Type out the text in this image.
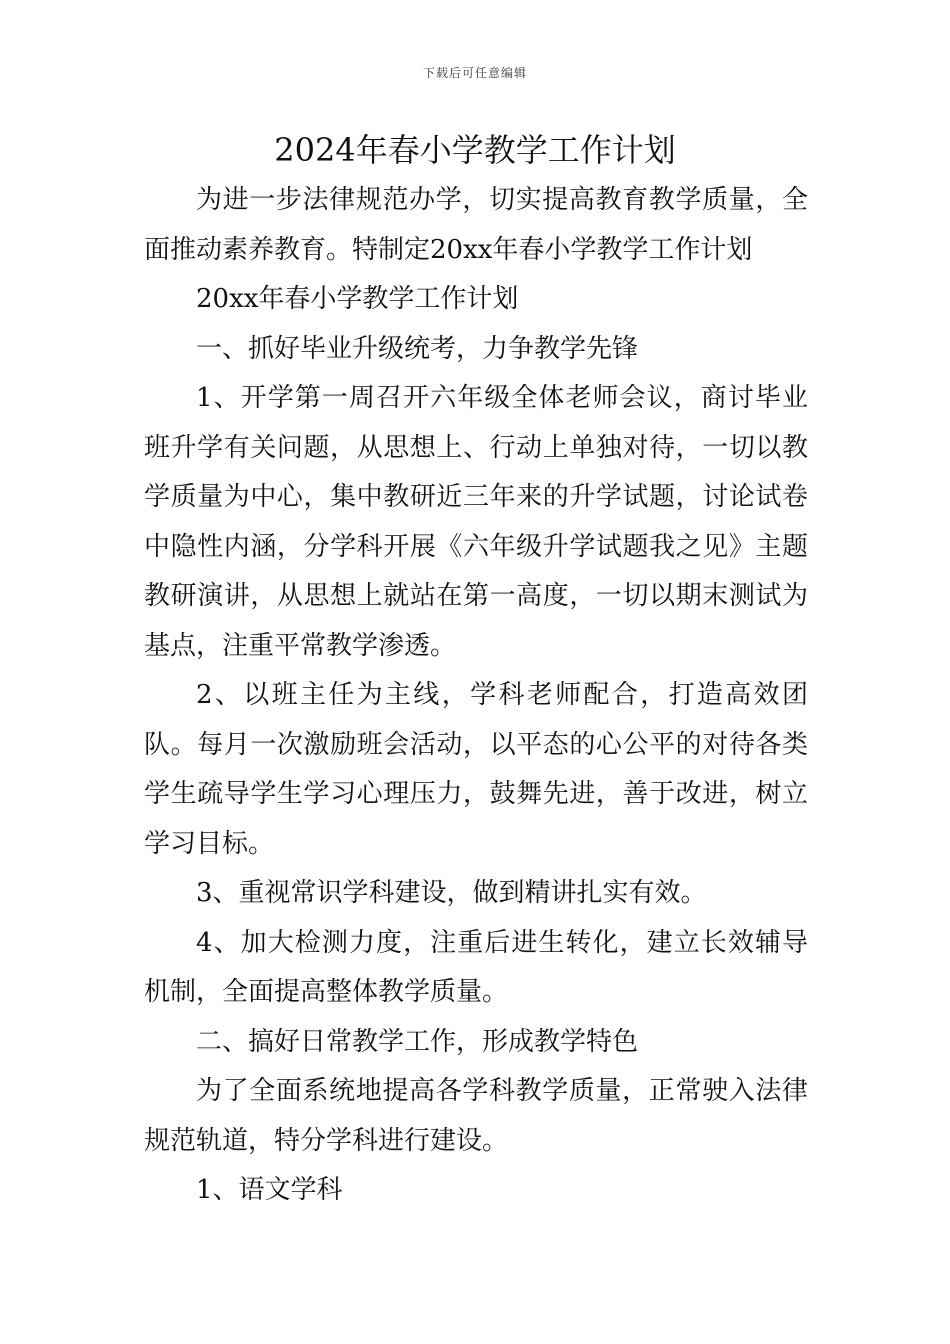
下载后可任意编辑
2024年春小学教学工作计划

为进一步法律规范办学，切实提高教育教学质量，全面推动素养教育。特制定20xx年春小学教学工作计划

20xx年春小学教学工作计划

一、抓好毕业升级统考，力争教学先锋

1、开学第一周召开六年级全体老师会议，商讨毕业班升学有关问题，从思想上、行动上单独对待，一切以教学质量为中心，集中教研近三年来的升学试题，讨论试卷中隐性内涵，分学科开展《六年级升学试题我之见》主题教研演讲，从思想上就站在第一高度，一切以期末测试为基点，注重平常教学渗透。

2、以班主任为主线，学科老师配合，打造高效团队。每月一次激励班会活动，以平态的心公平的对待各类学生疏导学生学习心理压力，鼓舞先进，善于改进，树立学习目标。

3、重视常识学科建设，做到精讲扎实有效。

4、加大检测力度，注重后进生转化，建立长效辅导机制，全面提高整体教学质量。

二、搞好日常教学工作，形成教学特色

为了全面系统地提高各学科教学质量，正常驶入法律规范轨道，特分学科进行建设。

1、语文学科
